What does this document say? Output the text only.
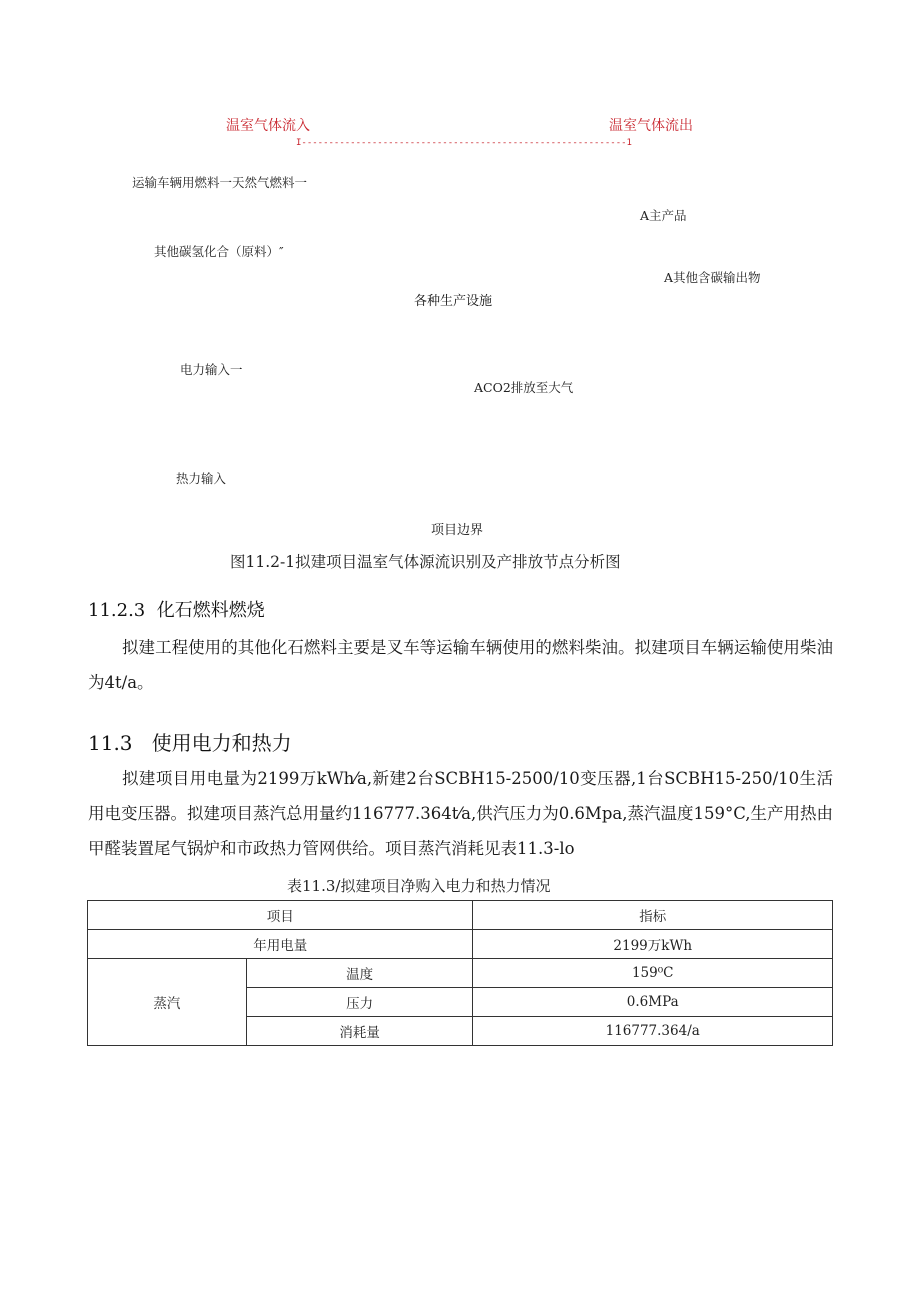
温室气体流入	温室气体流出
I------------------------------------------------------------1
运输车辆用燃料一天然气燃料一
其他碳氢化合（原料）″
各种生产设施
电力输入一
热力输入
A主产品
A其他含碳输出物
ACO2排放至大气
项目边界
图11.2-1拟建项目温室气体源流识别及产排放节点分析图
11.2.3 化石燃料燃烧

拟建工程使用的其他化石燃料主要是叉车等运输车辆使用的燃料柴油。拟建项目车辆运输使用柴油为4t/a。

11.3 使用电力和热力

拟建项目用电量为2199万kWh⁄a,新建2台SCBH15-2500/10变压器,1台SCBH15-250/10生活用电变压器。拟建项目蒸汽总用量约116777.364t⁄a,供汽压力为0.6Mpa,蒸汽温度159°C,生产用热由甲醛装置尾气锅炉和市政热力管网供给。项目蒸汽消耗见表11.3-lo

表11.3/拟建项目净购入电力和热力情况
项目		指标
年用电量		2199万kWh
蒸汽	温度	159⁰C
	压力	0.6MPa
	消耗量	116777.364/a
